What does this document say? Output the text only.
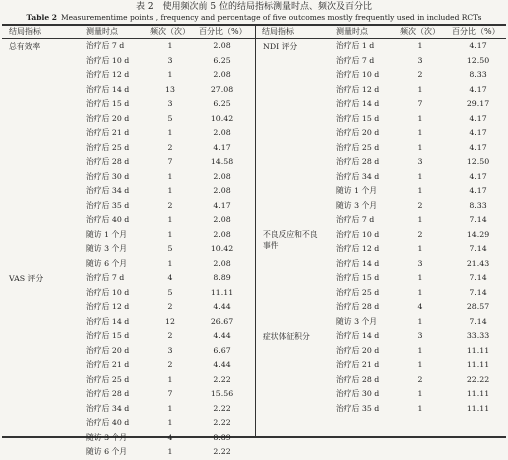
表 2　使用频次前 5 位的结局指标测量时点、频次及百分比
Table 2 Measurementime points , frequency and percentage of five outcomes mostly frequently used in included RCTs
结局指标	测量时点	频次（次） 百分比（%） 结局指标	测量时点	频次（次） 百分比（%）
总有效率	治疗后 7 d	1	2.08
治疗后 10 d	3	6.25
治疗后 12 d	1	2.08
治疗后 14 d	13	27.08
治疗后 15 d	3	6.25
治疗后 20 d	5	10.42
治疗后 21 d	1	2.08
治疗后 25 d	2	4.17
治疗后 28 d	7	14.58
治疗后 30 d	1	2.08
治疗后 34 d	1	2.08
治疗后 35 d	2	4.17
治疗后 40 d	1	2.08
随访 1 个月	1	2.08
随访 3 个月	5	10.42
随访 6 个月	1	2.08
VAS 评分	治疗后 7 d	4	8.89
治疗后 10 d	5	11.11
治疗后 12 d	2	4.44
治疗后 14 d	12	26.67
治疗后 15 d	2	4.44
治疗后 20 d	3	6.67
治疗后 21 d	2	4.44
治疗后 25 d	1	2.22
治疗后 28 d	7	15.56
治疗后 34 d	1	2.22
治疗后 40 d	1	2.22
随访 3 个月	4	8.89
随访 6 个月	1	2.22
NDI 评分	治疗后 1 d	1	4.17
治疗后 7 d	3	12.50
治疗后 10 d	2	8.33
治疗后 12 d	1	4.17
治疗后 14 d	7	29.17
治疗后 15 d	1	4.17
治疗后 20 d	1	4.17
治疗后 25 d	1	4.17
治疗后 28 d	3	12.50
治疗后 34 d	1	4.17
随访 1 个月	1	4.17
随访 3 个月	2	8.33
不良反应和不良事件
治疗后 7 d	1	7.14
治疗后 10 d	2	14.29
治疗后 12 d	1	7.14
治疗后 14 d	3	21.43
治疗后 15 d	1	7.14
治疗后 25 d	1	7.14
治疗后 28 d	4	28.57
随访 3 个月	1	7.14
症状体征积分	治疗后 14 d	3	33.33
治疗后 20 d	1	11.11
治疗后 21 d	1	11.11
治疗后 28 d	2	22.22
治疗后 30 d	1	11.11
治疗后 35 d	1	11.11
